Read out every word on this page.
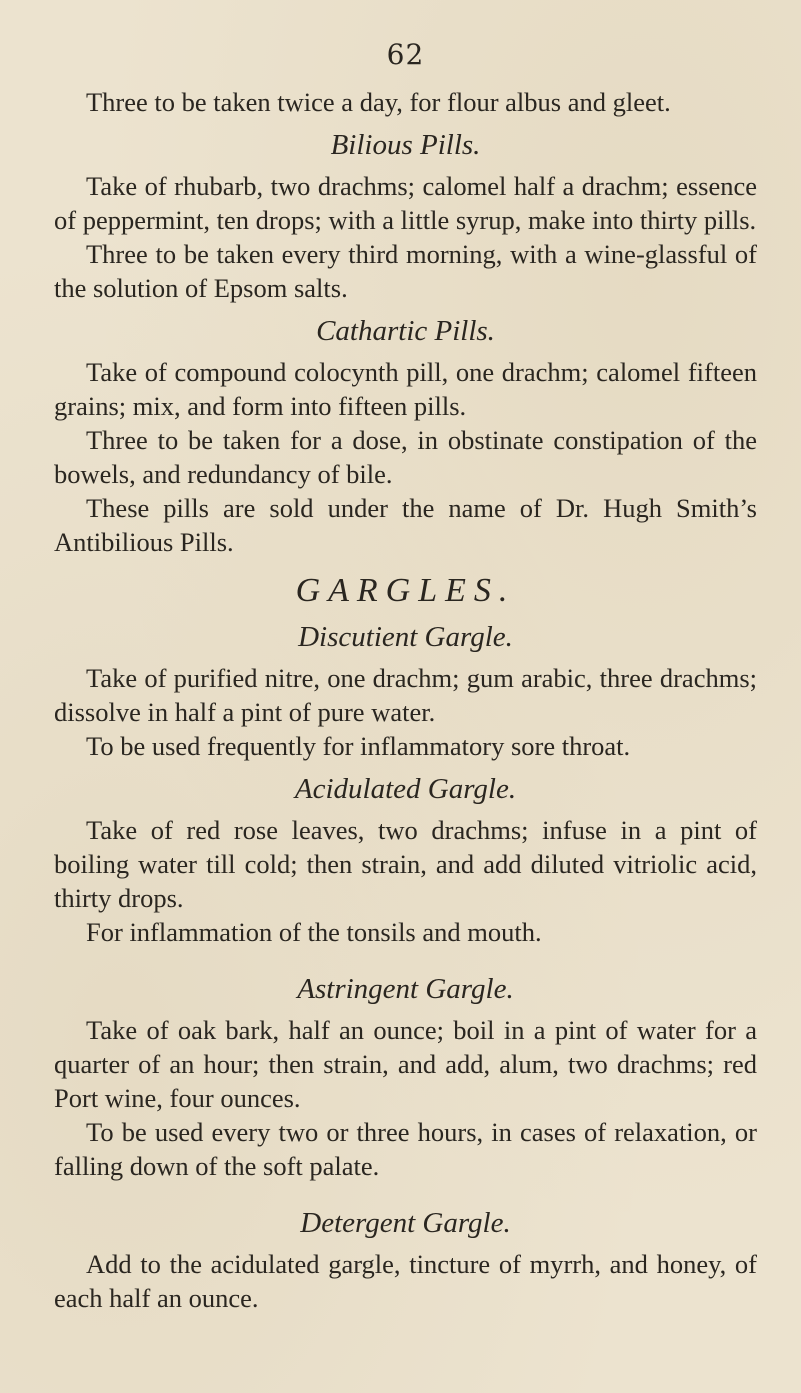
62

Three to be taken twice a day, for flour albus and gleet.

Bilious Pills.

Take of rhubarb, two drachms; calomel half a drachm; essence of peppermint, ten drops; with a little syrup, make into thirty pills.

Three to be taken every third morning, with a wine-glassful of the solution of Epsom salts.

Cathartic Pills.

Take of compound colocynth pill, one drachm; calomel fifteen grains; mix, and form into fifteen pills.

Three to be taken for a dose, in obstinate constipation of the bowels, and redundancy of bile.

These pills are sold under the name of Dr. Hugh Smith’s Antibilious Pills.

GARGLES.
Discutient Gargle.

Take of purified nitre, one drachm; gum arabic, three drachms; dissolve in half a pint of pure water.

To be used frequently for inflammatory sore throat.

Acidulated Gargle.

Take of red rose leaves, two drachms; infuse in a pint of boiling water till cold; then strain, and add diluted vitriolic acid, thirty drops.

For inflammation of the tonsils and mouth.

Astringent Gargle.

Take of oak bark, half an ounce; boil in a pint of water for a quarter of an hour; then strain, and add, alum, two drachms; red Port wine, four ounces.

To be used every two or three hours, in cases of relaxation, or falling down of the soft palate.

Detergent Gargle.

Add to the acidulated gargle, tincture of myrrh, and honey, of each half an ounce.
